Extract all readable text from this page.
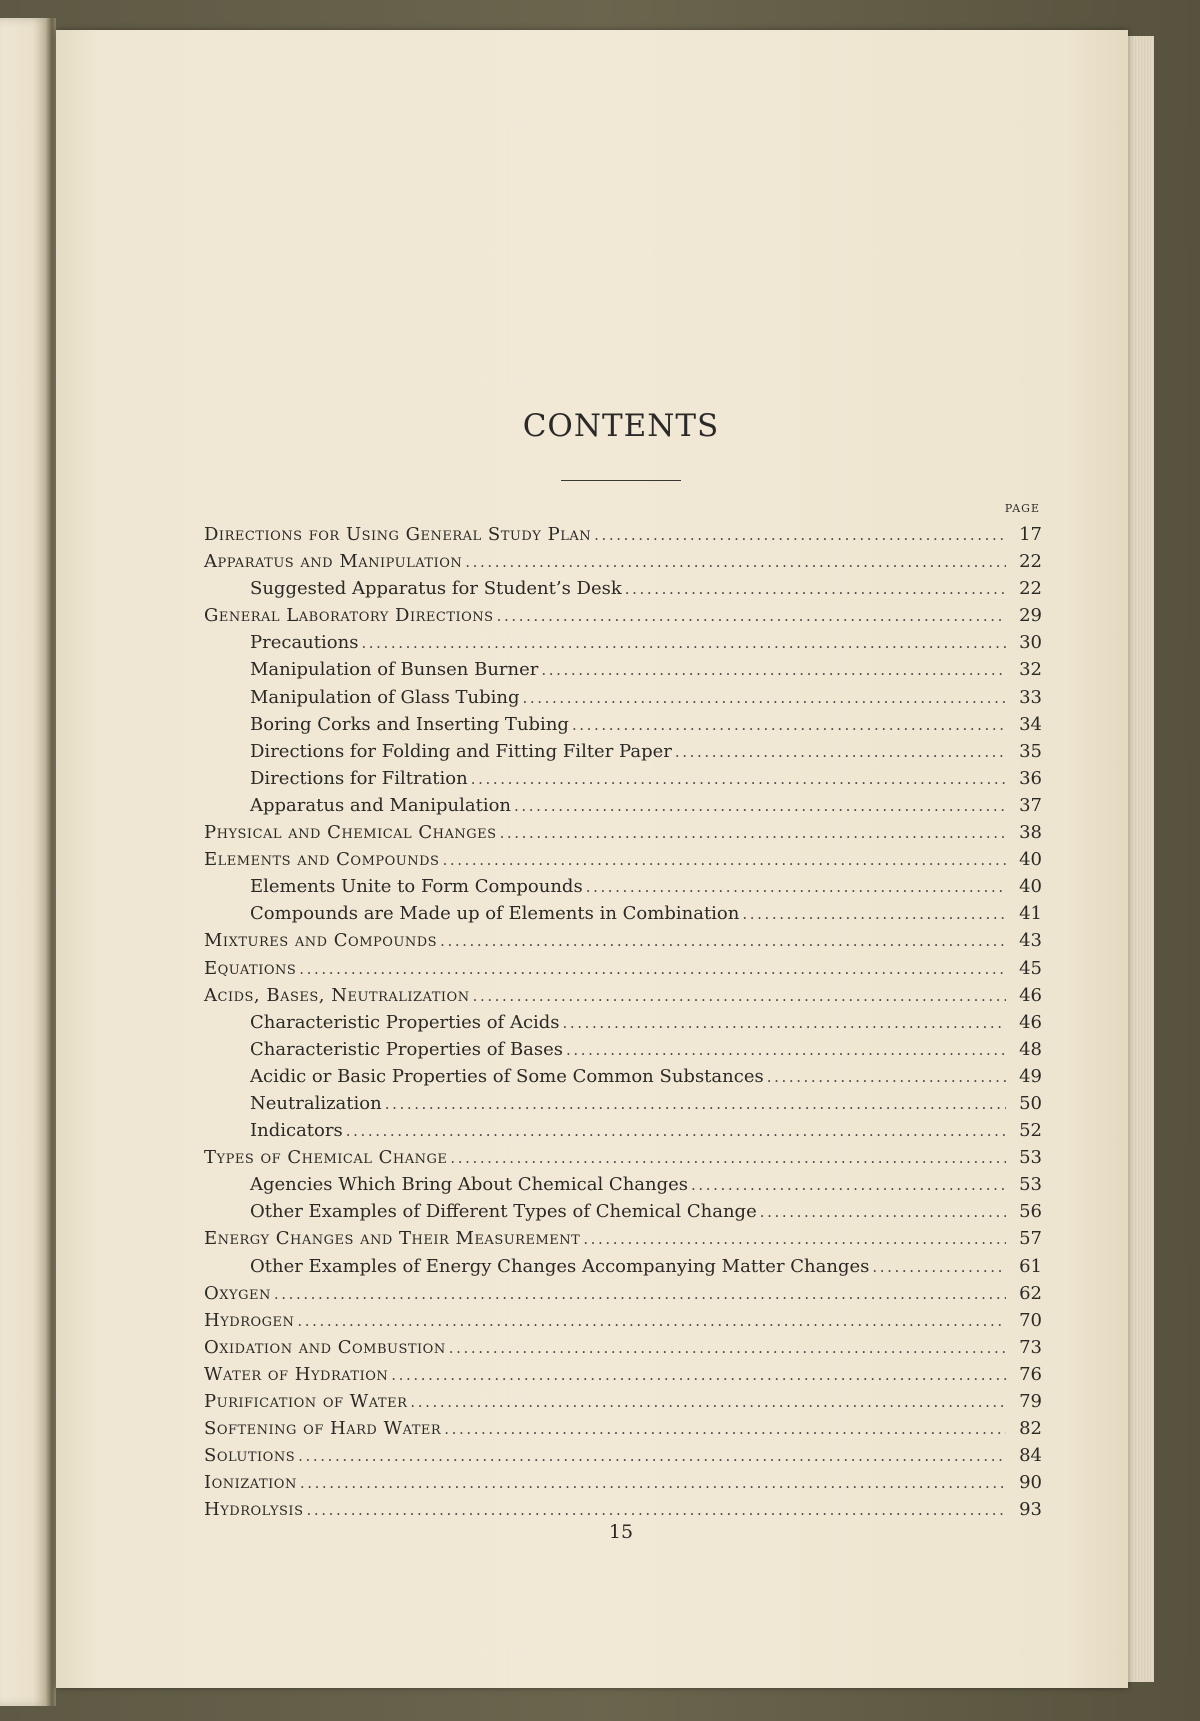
CONTENTS
PAGE
Directions for Using General Study Plan .....	17
Apparatus and Manipulation .....	22
Suggested Apparatus for Student’s Desk .....	22
General Laboratory Directions .....	29
Precautions .....	30
Manipulation of Bunsen Burner .....	32
Manipulation of Glass Tubing .....	33
Boring Corks and Inserting Tubing .....	34
Directions for Folding and Fitting Filter Paper .....	35
Directions for Filtration .....	36
Apparatus and Manipulation .....	37
Physical and Chemical Changes .....	38
Elements and Compounds .....	40
Elements Unite to Form Compounds .....	40
Compounds are Made up of Elements in Combination .....	41
Mixtures and Compounds .....	43
Equations .....	45
Acids, Bases, Neutralization .....	46
Characteristic Properties of Acids .....	46
Characteristic Properties of Bases .....	48
Acidic or Basic Properties of Some Common Substances .....	49
Neutralization .....	50
Indicators .....	52
Types of Chemical Change .....	53
Agencies Which Bring About Chemical Changes .....	53
Other Examples of Different Types of Chemical Change .....	56
Energy Changes and Their Measurement .....	57
Other Examples of Energy Changes Accompanying Matter Changes .....	61
Oxygen .....	62
Hydrogen .....	70
Oxidation and Combustion .....	73
Water of Hydration .....	76
Purification of Water .....	79
Softening of Hard Water .....	82
Solutions .....	84
Ionization .....	90
Hydrolysis .....	93
15
